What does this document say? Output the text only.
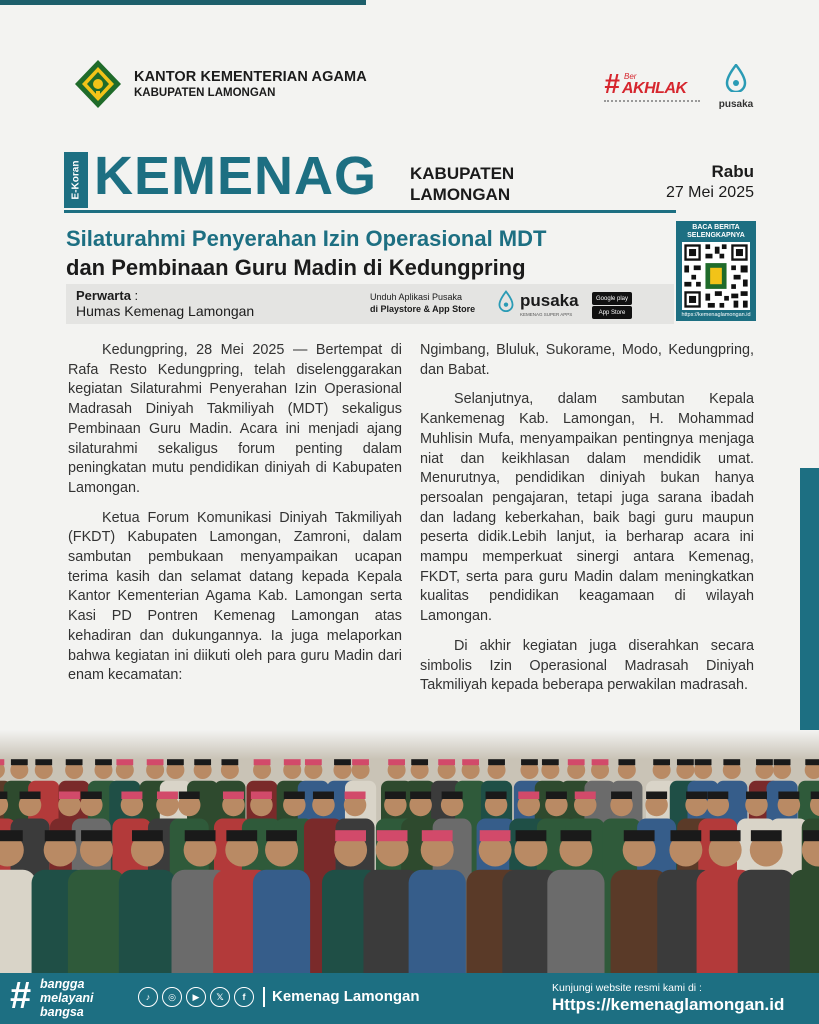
KANTOR KEMENTERIAN AGAMA
KABUPATEN LAMONGAN	# Ber
AKHLAK
pusaka
E-Koran KEMENAG KABUPATEN
LAMONGAN
Rabu
27 Mei 2025
Silaturahmi Penyerahan Izin Operasional MDT
dan Pembinaan Guru Madin di Kedungpring
BACA BERITA
SELENGKAPNYA
https://kemenaglamongan.id
Perwarta :
Humas Kemenag Lamongan
Unduh Aplikasi Pusaka
di Playstore & App Store	pusaka
KEMENAG SUPER APPS
Google play
App Store

Kedungpring, 28 Mei 2025 — Bertempat di Rafa Resto Kedungpring, telah diselenggarakan kegiatan Silaturahmi Penyerahan Izin Operasional Madrasah Diniyah Takmiliyah (MDT) sekaligus Pembinaan Guru Madin. Acara ini menjadi ajang silaturahmi sekaligus forum penting dalam peningkatan mutu pendidikan diniyah di Kabupaten Lamongan.

Ketua Forum Komunikasi Diniyah Takmiliyah (FKDT) Kabupaten Lamongan, Zamroni, dalam sambutan pembukaan menyampaikan ucapan terima kasih dan selamat datang kepada Kepala Kantor Kementerian Agama Kab. Lamongan serta Kasi PD Pontren Kemenag Lamongan atas kehadiran dan dukungannya. Ia juga melaporkan bahwa kegiatan ini diikuti oleh para guru Madin dari enam kecamatan:

Ngimbang, Bluluk, Sukorame, Modo, Kedungpring, dan Babat.

Selanjutnya, dalam sambutan Kepala Kankemenag Kab. Lamongan, H. Mohammad Muhlisin Mufa, menyampaikan pentingnya menjaga niat dan keikhlasan dalam mendidik umat. Menurutnya, pendidikan diniyah bukan hanya persoalan pengajaran, tetapi juga sarana ibadah dan ladang keberkahan, baik bagi guru maupun peserta didik.Lebih lanjut, ia berharap acara ini mampu memperkuat sinergi antara Kemenag, FKDT, serta para guru Madin dalam meningkatkan kualitas pendidikan keagamaan di wilayah Lamongan.

Di akhir kegiatan juga diserahkan secara simbolis Izin Operasional Madrasah Diniyah Takmiliyah kepada beberapa perwakilan madrasah.

# bangga
melayani
bangsa
♪	◎	▶	𝕏	f	Kemenag Lamongan	Kunjungi website resmi kami di :
Https://kemenaglamongan.id
